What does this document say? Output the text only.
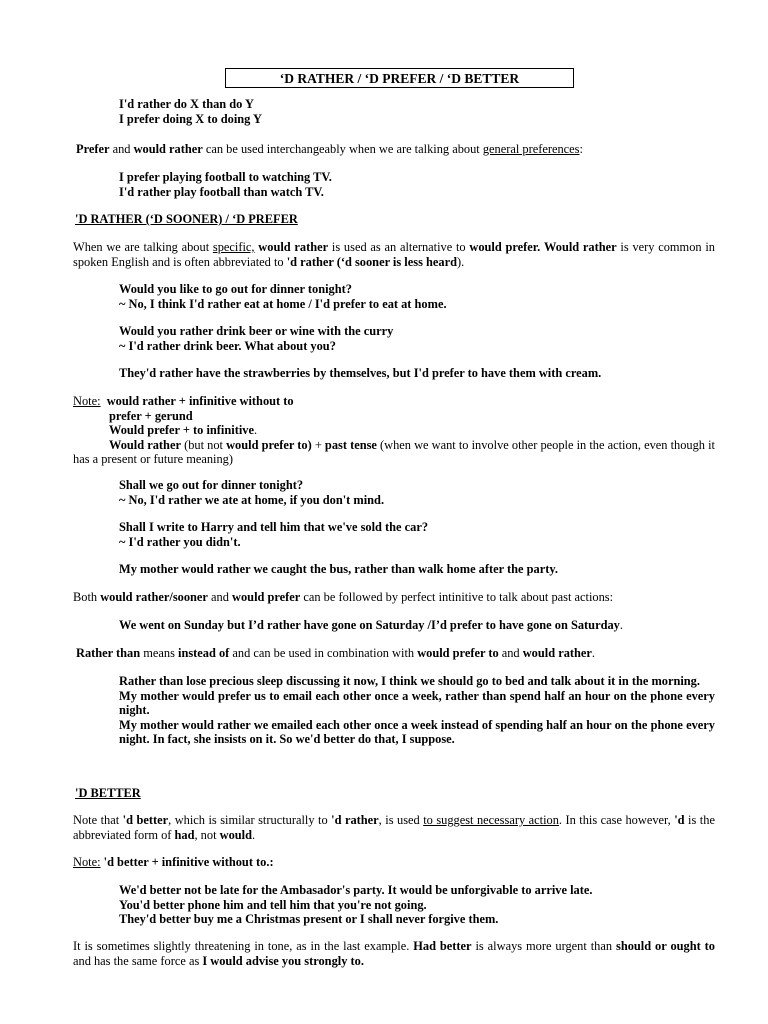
‘D RATHER / ‘D PREFER / ‘D BETTER
I'd rather do X than do Y
I prefer doing X to doing Y
Prefer and would rather can be used interchangeably when we are talking about general preferences:
I prefer playing football to watching TV.
I'd rather play football than watch TV.
'D RATHER (‘D SOONER) / ‘D PREFER
When we are talking about specific, would rather is used as an alternative to would prefer. Would rather is very common in spoken English and is often abbreviated to 'd rather (‘d sooner is less heard).
Would you like to go out for dinner tonight?
~ No, I think I'd rather eat at home / I'd prefer to eat at home.
Would you rather drink beer or wine with the curry
~ I'd rather drink beer. What about you?
They'd rather have the strawberries by themselves, but I'd prefer to have them with cream.
Note: would rather + infinitive without to
prefer + gerund
Would prefer + to infinitive.
Would rather (but not would prefer to) + past tense (when we want to involve other people in the action, even though it has a present or future meaning)
Shall we go out for dinner tonight?
~ No, I'd rather we ate at home, if you don't mind.
Shall I write to Harry and tell him that we've sold the car?
~ I'd rather you didn't.
My mother would rather we caught the bus, rather than walk home after the party.
Both would rather/sooner and would prefer can be followed by perfect intinitive to talk about past actions:
We went on Sunday but I’d rather have gone on Saturday /I’d prefer to have gone on Saturday.
Rather than means instead of and can be used in combination with would prefer to and would rather.
Rather than lose precious sleep discussing it now, I think we should go to bed and talk about it in the morning.
My mother would prefer us to email each other once a week, rather than spend half an hour on the phone every night.
My mother would rather we emailed each other once a week instead of spending half an hour on the phone every night. In fact, she insists on it. So we'd better do that, I suppose.
'D BETTER
Note that 'd better, which is similar structurally to 'd rather, is used to suggest necessary action. In this case however, 'd is the abbreviated form of had, not would.
Note: 'd better + infinitive without to.:
We'd better not be late for the Ambasador's party. It would be unforgivable to arrive late.
You'd better phone him and tell him that you're not going.
They'd better buy me a Christmas present or I shall never forgive them.
It is sometimes slightly threatening in tone, as in the last example. Had better is always more urgent than should or ought to and has the same force as I would advise you strongly to.
